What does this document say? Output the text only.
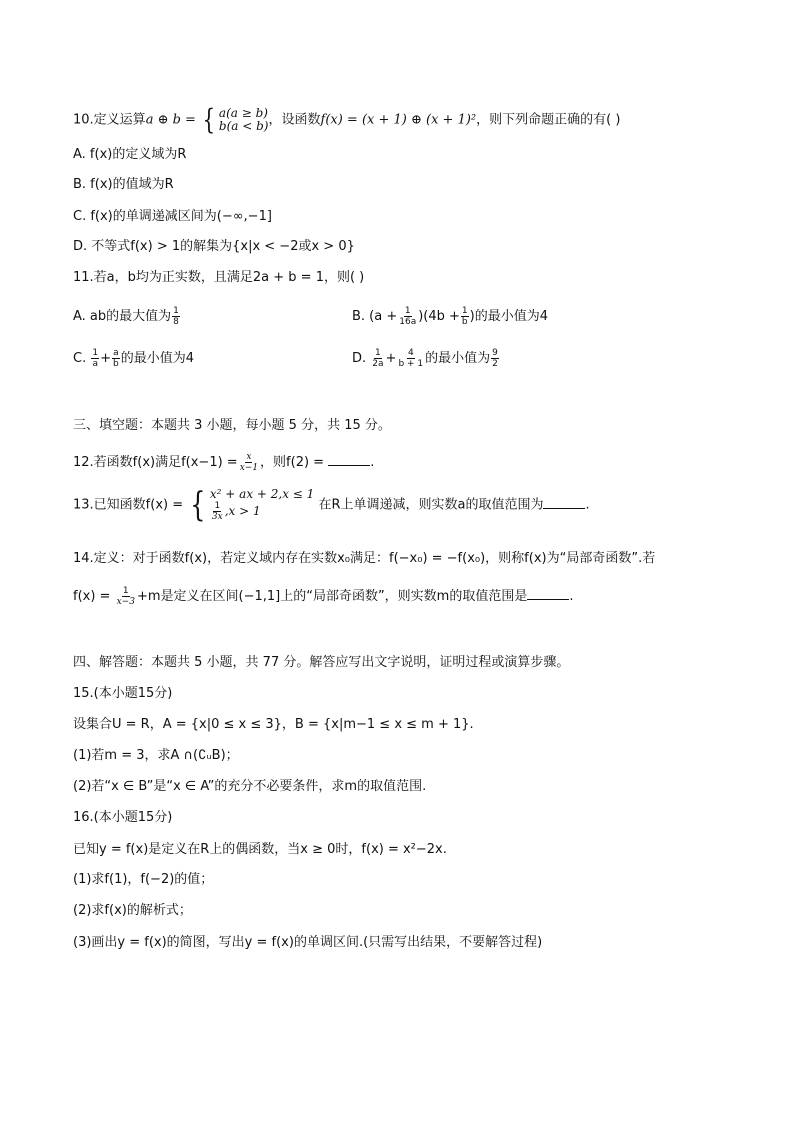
10.定义运算a ⊕ b = { a(a ≥ b)
b(a < b) ，设函数f(x) = (x + 1) ⊕ (x + 1)²，则下列命题正确的有( )
A. f(x)的定义域为R
B. f(x)的值域为R
C. f(x)的单调递减区间为(−∞,−1]
D. 不等式f(x) > 1的解集为{x|x < −2或x > 0}
11.若a，b均为正实数，且满足2a + b = 1，则( )
A. ab的最大值为 $\frac{1}{8}$	B. $(a + \frac{1}{16a} )(4b + \frac{1}{b}$ )的最小值为4
C. $\frac{1}{a} + \frac{a}{b}$ 的最小值为4	D. $\frac{1}{2a} + \frac{4}{b + 1}$ 的最小值为 $\frac{9}{2}$
三、填空题：本题共 3 小题，每小题 5 分，共 15 分。
12.若函数f(x)满足$f(x-1) = \frac{x}{x-1}$ ，则f(2) =	.
13.已知函数f(x) = { x² + ax + 2,x ≤ 1
$\frac{1}{3x} ,x > 1$	在R上单调递减，则实数a的取值范围为	.
14.定义：对于函数f(x)，若定义域内存在实数x₀满足：f(−x₀) = −f(x₀)，则称f(x)为“局部奇函数”.若
$f(x) = \frac{1}{x-3} +m$是定义在区间(−1,1]上的“局部奇函数”，则实数m的取值范围是	.
四、解答题：本题共 5 小题，共 77 分。解答应写出文字说明，证明过程或演算步骤。
15.(本小题15分)
设集合U = R，A = {x|0 ≤ x ≤ 3}，B = {x|m−1 ≤ x ≤ m + 1}.
(1)若m = 3，求A ∩(∁ᵤB)；
(2)若“x ∈ B”是“x ∈ A”的充分不必要条件，求m的取值范围.
16.(本小题15分)
已知y = f(x)是定义在R上的偶函数，当x ≥ 0时，f(x) = x²−2x.
(1)求f(1)，f(−2)的值；
(2)求f(x)的解析式；
(3)画出y = f(x)的简图，写出y = f(x)的单调区间.(只需写出结果，不要解答过程)
